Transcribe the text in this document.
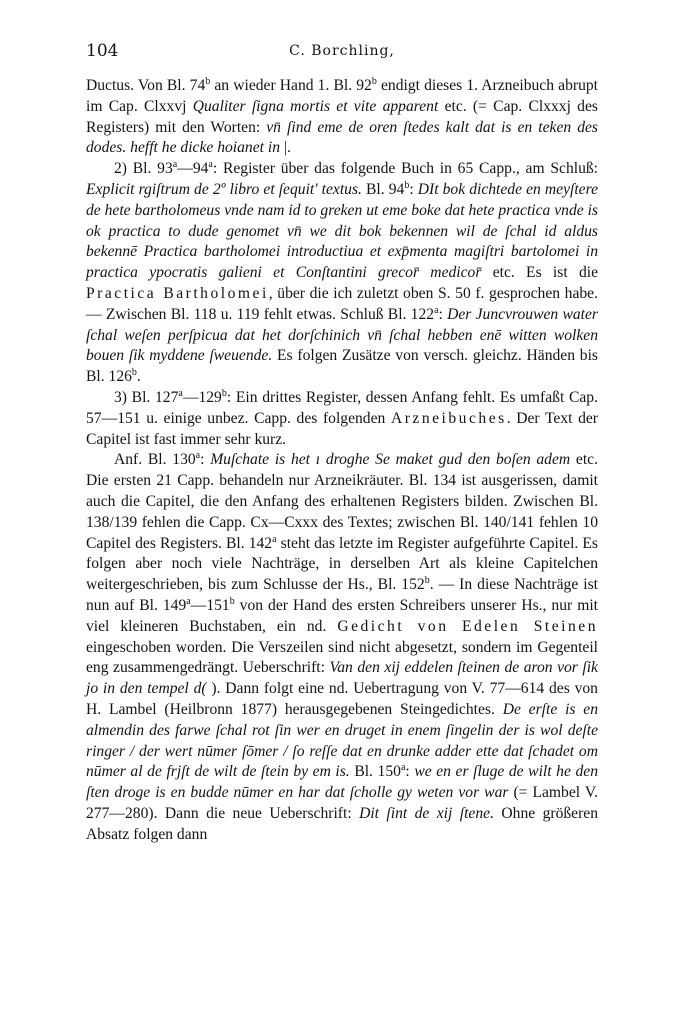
104	C. Borchling,

Ductus. Von Bl. 74$^b$ an wieder Hand 1. Bl. 92$^b$ endigt dieses 1. Arzneibuch abrupt im Cap. Clxxvj Qualiter ſigna mortis et vite apparent etc. (= Cap. Clxxxj des Registers) mit den Worten: vn̄ ſind eme de oren ſtedes kalt dat is en teken des dodes. hefft he dicke hoianet in |.

2) Bl. 93$^a$—94$^a$: Register über das folgende Buch in 65 Capp., am Schluß: Explicit rgiſtrum de 2º libro et ſequit' textus. Bl. 94$^b$: DIt bok dichtede en meyſtere de hete bartholomeus vnde nam id to greken ut eme boke dat hete practica vnde is ok practica to dude genomet vn̄ we dit bok bekennen wil de ſchal id aldus bekennē Practica bartholomei introductiua et exp̄menta magiſtri bartolomei in practica ypocratis galieni et Conſtantini grecor̄ medicor̄ etc. Es ist die Practica Bartholomei, über die ich zuletzt oben S. 50 f. gesprochen habe. — Zwischen Bl. 118 u. 119 fehlt etwas. Schluß Bl. 122$^a$: Der Juncvrouwen water ſchal weſen perſpicua dat het dorſchinich vn̄ ſchal hebben enē witten wolken bouen ſik myddene ſweuende. Es folgen Zusätze von versch. gleichz. Händen bis Bl. 126$^b$.

3) Bl. 127$^a$—129$^b$: Ein drittes Register, dessen Anfang fehlt. Es umfaßt Cap. 57—151 u. einige unbez. Capp. des folgenden Arzneibuches. Der Text der Capitel ist fast immer sehr kurz.

Anf. Bl. 130$^a$: Muſchate is het ı droghe Se maket gud den boſen adem etc. Die ersten 21 Capp. behandeln nur Arzneikräuter. Bl. 134 ist ausgerissen, damit auch die Capitel, die den Anfang des erhaltenen Registers bilden. Zwischen Bl. 138/139 fehlen die Capp. Cx—Cxxx des Textes; zwischen Bl. 140/141 fehlen 10 Capitel des Registers. Bl. 142$^a$ steht das letzte im Register aufgeführte Capitel. Es folgen aber noch viele Nachträge, in derselben Art als kleine Capitelchen weitergeschrieben, bis zum Schlusse der Hs., Bl. 152$^b$. — In diese Nachträge ist nun auf Bl. 149$^a$—151$^b$ von der Hand des ersten Schreibers unserer Hs., nur mit viel kleineren Buchstaben, ein nd. Gedicht von Edelen Steinen eingeschoben worden. Die Verszeilen sind nicht abgesetzt, sondern im Gegenteil eng zusammengedrängt. Ueberschrift: Van den xij eddelen ſteinen de aron vor ſik jo in den tempel d( ). Dann folgt eine nd. Uebertragung von V. 77—614 des von H. Lambel (Heilbronn 1877) herausgegebenen Steingedichtes. De erſte is en almendin des farwe ſchal rot ſin wer en druget in enem ſingelin der is wol deſte ringer / der wert nūmer ſōmer / ſo reſſe dat en drunke adder ette dat ſchadet om nūmer al de frjſt de wilt de ſtein by em is. Bl. 150$^a$: we en er ſluge de wilt he den ſten droge is en budde nūmer en har dat ſcholle gy weten vor war (= Lambel V. 277—280). Dann die neue Ueberschrift: Dit ſint de xij ſtene. Ohne größeren Absatz folgen dann
